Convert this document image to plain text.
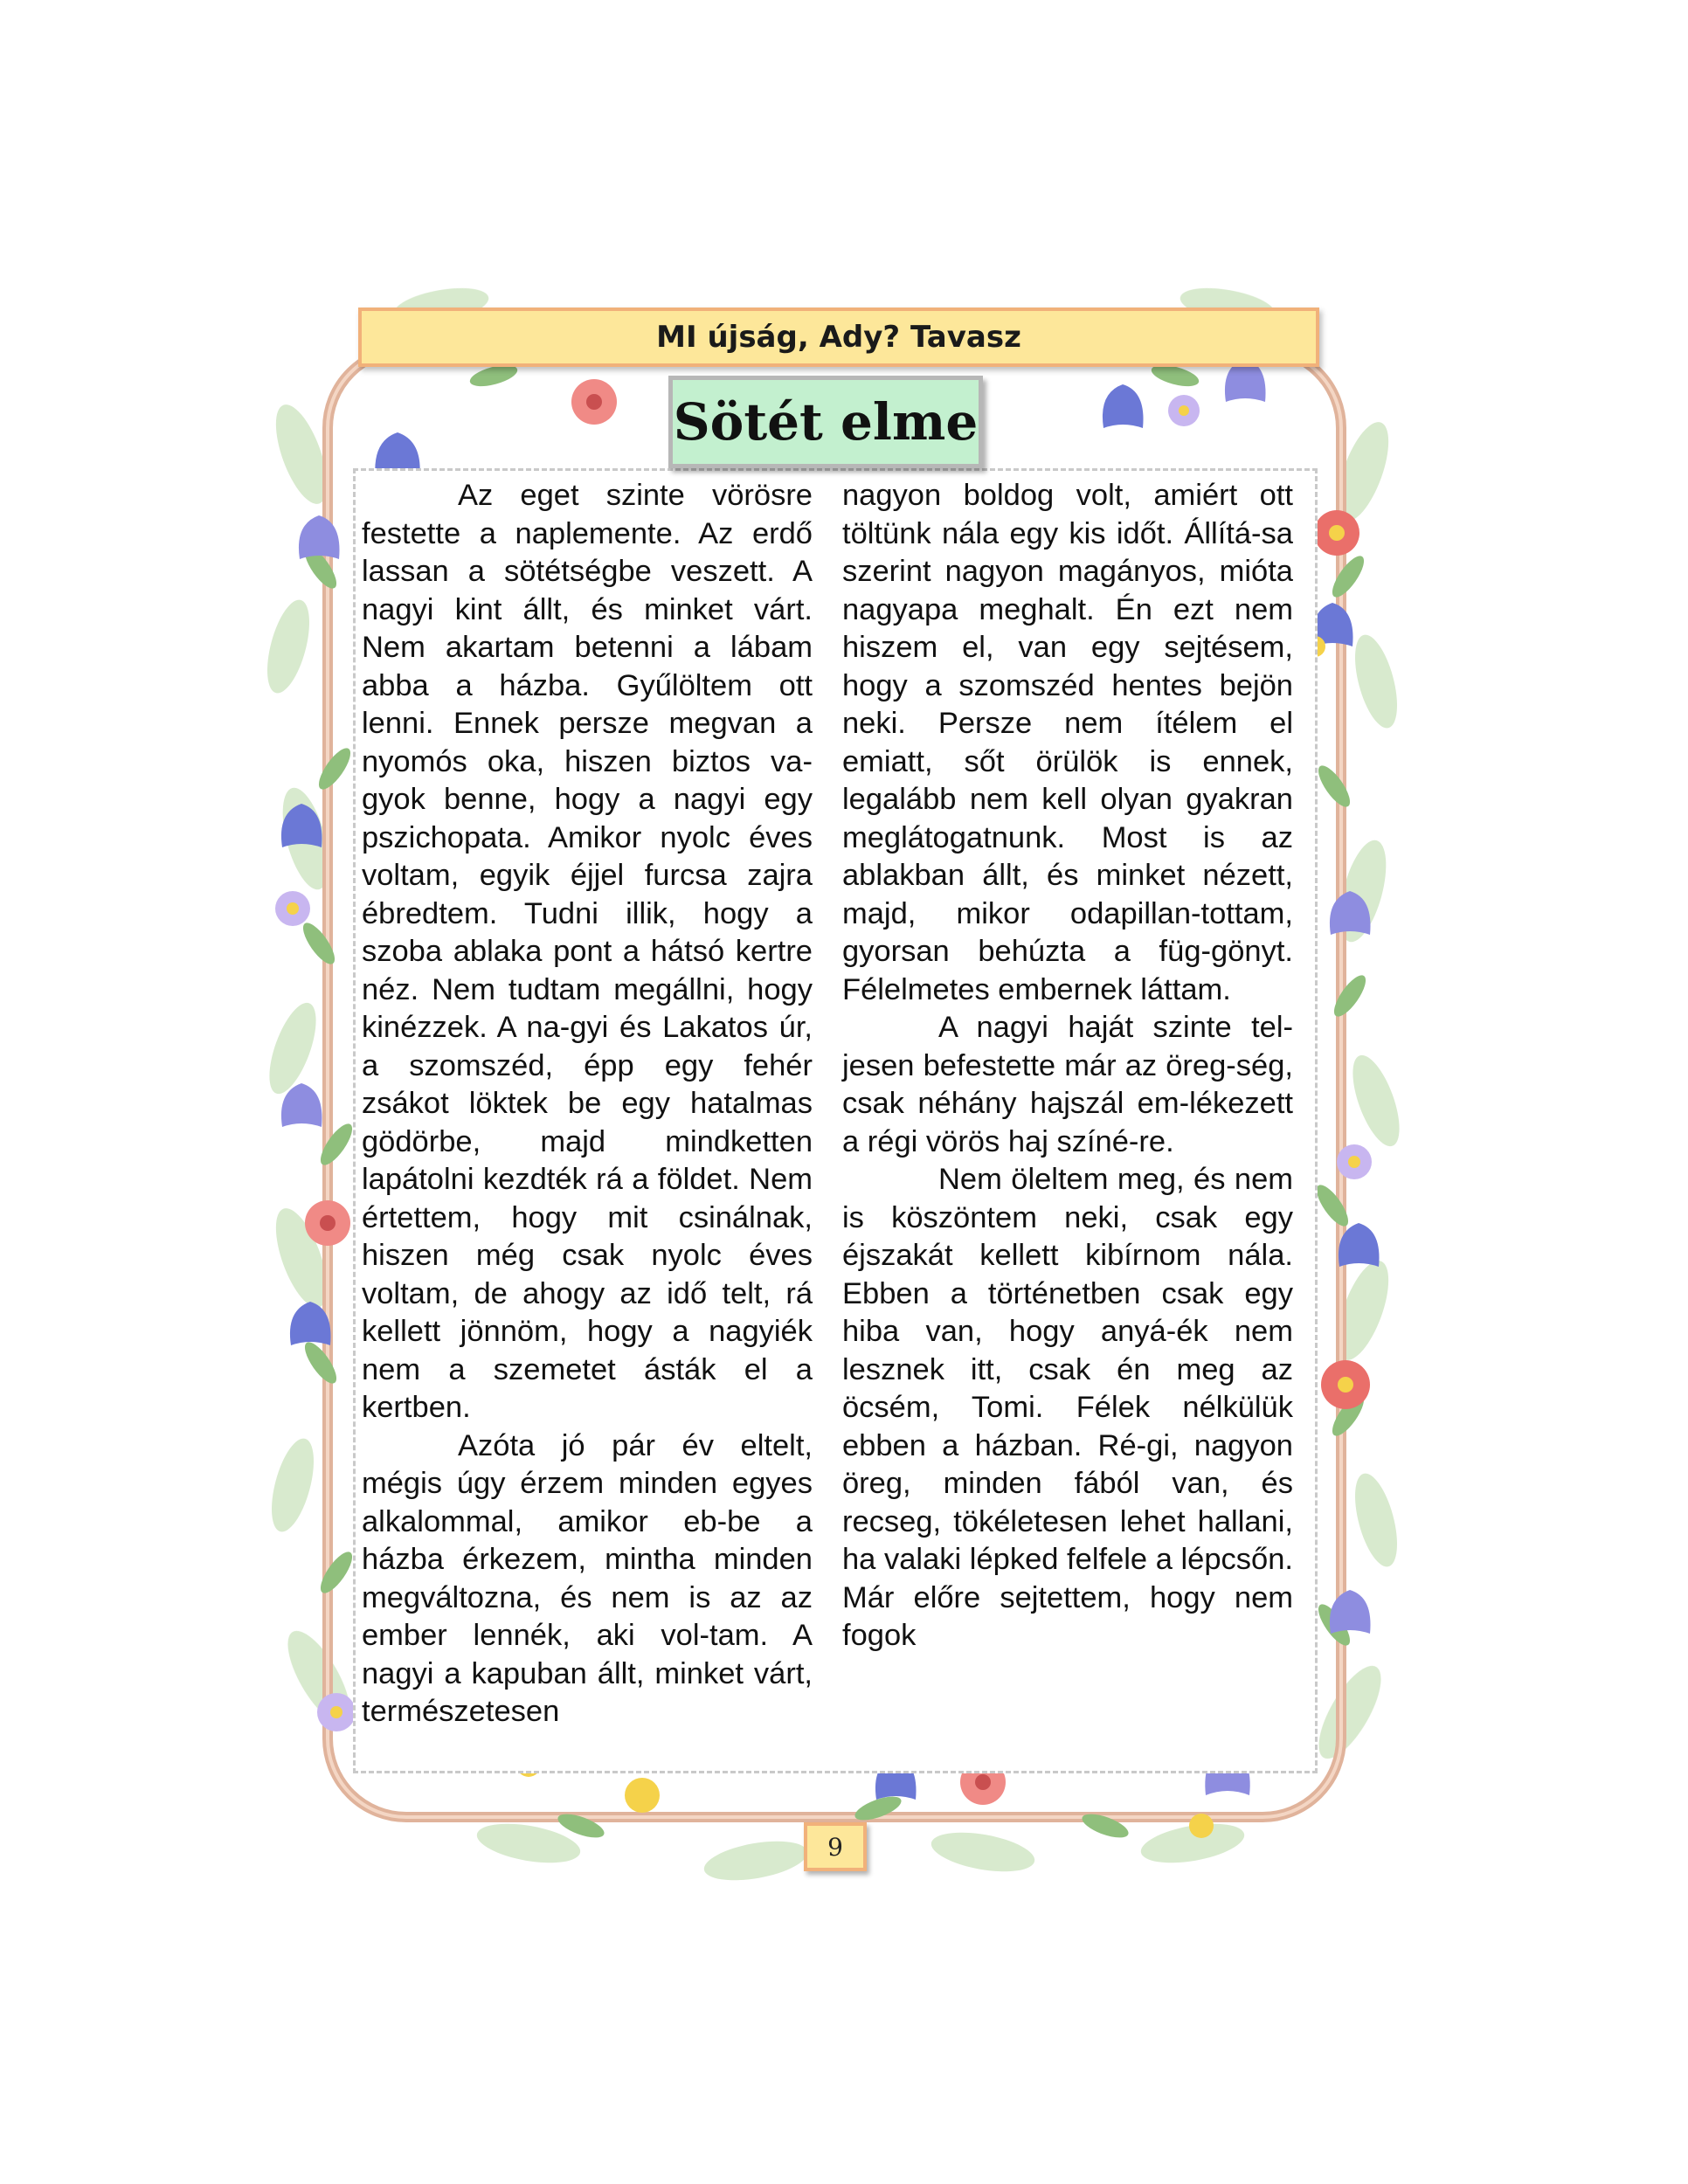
MI újság, Ady? Tavasz
Sötét elme

Az eget szinte vörösre festette a naplemente. Az erdő lassan a sötétségbe veszett. A nagyi kint állt, és minket várt. Nem akartam betenni a lábam abba a házba. Gyűlöltem ott lenni. Ennek persze megvan a nyomós oka, hiszen biztos va-gyok benne, hogy a nagyi egy pszichopata. Amikor nyolc éves voltam, egyik éjjel furcsa zajra ébredtem. Tudni illik, hogy a szoba ablaka pont a hátsó kertre néz. Nem tudtam megállni, hogy kinézzek. A na-gyi és Lakatos úr, a szomszéd, épp egy fehér zsákot löktek be egy hatalmas gödörbe, majd mindketten lapátolni kezdték rá a földet. Nem értettem, hogy mit csinálnak, hiszen még csak nyolc éves voltam, de ahogy az idő telt, rá kellett jönnöm, hogy a nagyiék nem a szemetet ásták el a kertben.

Azóta jó pár év eltelt, mégis úgy érzem minden egyes alkalommal, amikor eb-be a házba érkezem, mintha minden megváltozna, és nem is az az ember lennék, aki vol-tam. A nagyi a kapuban állt, minket várt, természetesen

nagyon boldog volt, amiért ott töltünk nála egy kis időt. Állítá-sa szerint nagyon magányos, mióta nagyapa meghalt. Én ezt nem hiszem el, van egy sejtésem, hogy a szomszéd hentes bejön neki. Persze nem ítélem el emiatt, sőt örülök is ennek, legalább nem kell olyan gyakran meglátogatnunk. Most is az ablakban állt, és minket nézett, majd, mikor odapillan-tottam, gyorsan behúzta a füg-gönyt. Félelmetes embernek láttam.

A nagyi haját szinte tel-jesen befestette már az öreg-ség, csak néhány hajszál em-lékezett a régi vörös haj színé-re.

Nem öleltem meg, és nem is köszöntem neki, csak egy éjszakát kellett kibírnom nála. Ebben a történetben csak egy hiba van, hogy anyá-ék nem lesznek itt, csak én meg az öcsém, Tomi. Félek nélkülük ebben a házban. Ré-gi, nagyon öreg, minden fából van, és recseg, tökéletesen lehet hallani, ha valaki lépked felfele a lépcsőn. Már előre sejtettem, hogy nem fogok

9
